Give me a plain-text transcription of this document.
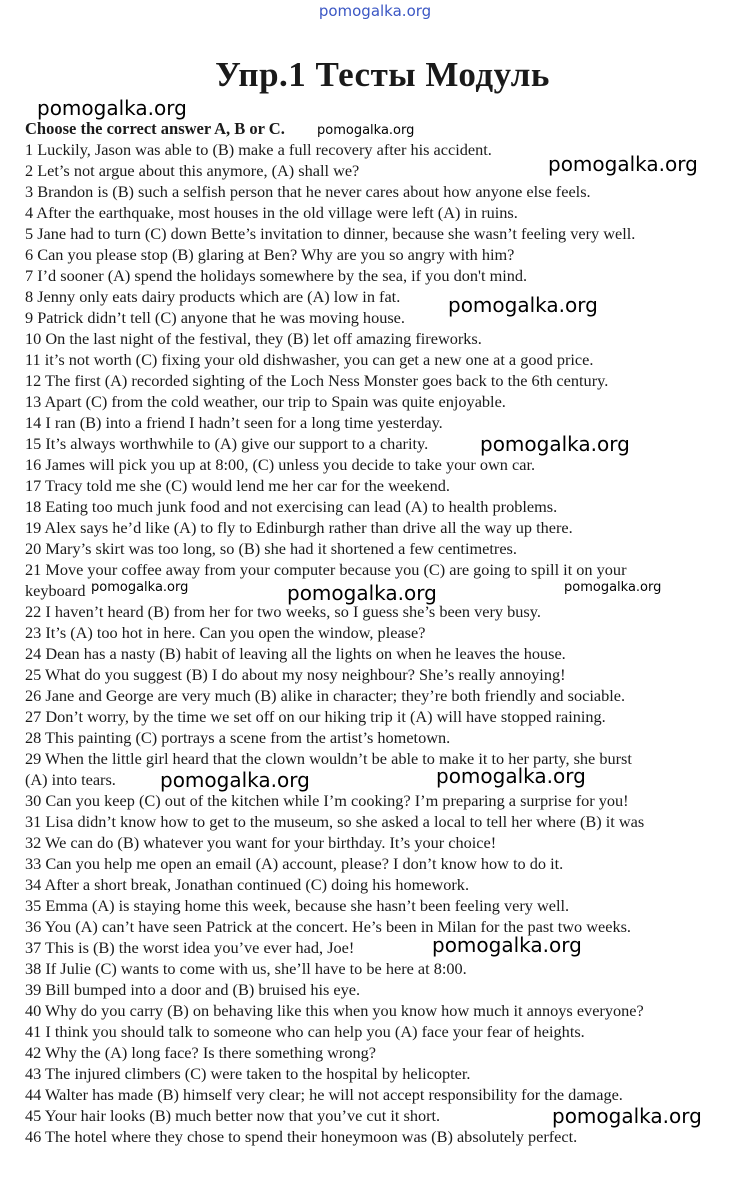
pomogalka.org
Упр.1 Тесты Модуль
Choose the correct answer A, B or C.
1 Luckily, Jason was able to (B) make a full recovery after his accident.
2 Let’s not argue about this anymore, (A) shall we?
3 Brandon is (B) such a selfish person that he never cares about how anyone else feels.
4 After the earthquake, most houses in the old village were left (A) in ruins.
5 Jane had to turn (C) down Bette’s invitation to dinner, because she wasn’t feeling very well.
6 Can you please stop (B) glaring at Ben? Why are you so angry with him?
7 I’d sooner (A) spend the holidays somewhere by the sea, if you don't mind.
8 Jenny only eats dairy products which are (A) low in fat.
9 Patrick didn’t tell (C) anyone that he was moving house.
10 On the last night of the festival, they (B) let off amazing fireworks.
11 it’s not worth (C) fixing your old dishwasher, you can get a new one at a good price.
12 The first (A) recorded sighting of the Loch Ness Monster goes back to the 6th century.
13 Apart (C) from the cold weather, our trip to Spain was quite enjoyable.
14 I ran (B) into a friend I hadn’t seen for a long time yesterday.
15 It’s always worthwhile to (A) give our support to a charity.
16 James will pick you up at 8:00, (C) unless you decide to take your own car.
17 Tracy told me she (C) would lend me her car for the weekend.
18 Eating too much junk food and not exercising can lead (A) to health problems.
19 Alex says he’d like (A) to fly to Edinburgh rather than drive all the way up there.
20 Mary’s skirt was too long, so (B) she had it shortened a few centimetres.
21 Move your coffee away from your computer because you (C) are going to spill it on your
keyboard
22 I haven’t heard (B) from her for two weeks, so I guess she’s been very busy.
23 It’s (A) too hot in here. Can you open the window, please?
24 Dean has a nasty (B) habit of leaving all the lights on when he leaves the house.
25 What do you suggest (B) I do about my nosy neighbour? She’s really annoying!
26 Jane and George are very much (B) alike in character; they’re both friendly and sociable.
27 Don’t worry, by the time we set off on our hiking trip it (A) will have stopped raining.
28 This painting (C) portrays a scene from the artist’s hometown.
29 When the little girl heard that the clown wouldn’t be able to make it to her party, she burst
(A) into tears.
30 Can you keep (C) out of the kitchen while I’m cooking? I’m preparing a surprise for you!
31 Lisa didn’t know how to get to the museum, so she asked a local to tell her where (B) it was
32 We can do (B) whatever you want for your birthday. It’s your choice!
33 Can you help me open an email (A) account, please? I don’t know how to do it.
34 After a short break, Jonathan continued (C) doing his homework.
35 Emma (A) is staying home this week, because she hasn’t been feeling very well.
36 You (A) can’t have seen Patrick at the concert. He’s been in Milan for the past two weeks.
37 This is (B) the worst idea you’ve ever had, Joe!
38 If Julie (C) wants to come with us, she’ll have to be here at 8:00.
39 Bill bumped into a door and (B) bruised his eye.
40 Why do you carry (B) on behaving like this when you know how much it annoys everyone?
41 I think you should talk to someone who can help you (A) face your fear of heights.
42 Why the (A) long face? Is there something wrong?
43 The injured climbers (C) were taken to the hospital by helicopter.
44 Walter has made (B) himself very clear; he will not accept responsibility for the damage.
45 Your hair looks (B) much better now that you’ve cut it short.
46 The hotel where they chose to spend their honeymoon was (B) absolutely perfect.
pomogalka.org
pomogalka.org
pomogalka.org
pomogalka.org
pomogalka.org
pomogalka.org	pomogalka.org	pomogalka.org
pomogalka.org	pomogalka.org
pomogalka.org
pomogalka.org
